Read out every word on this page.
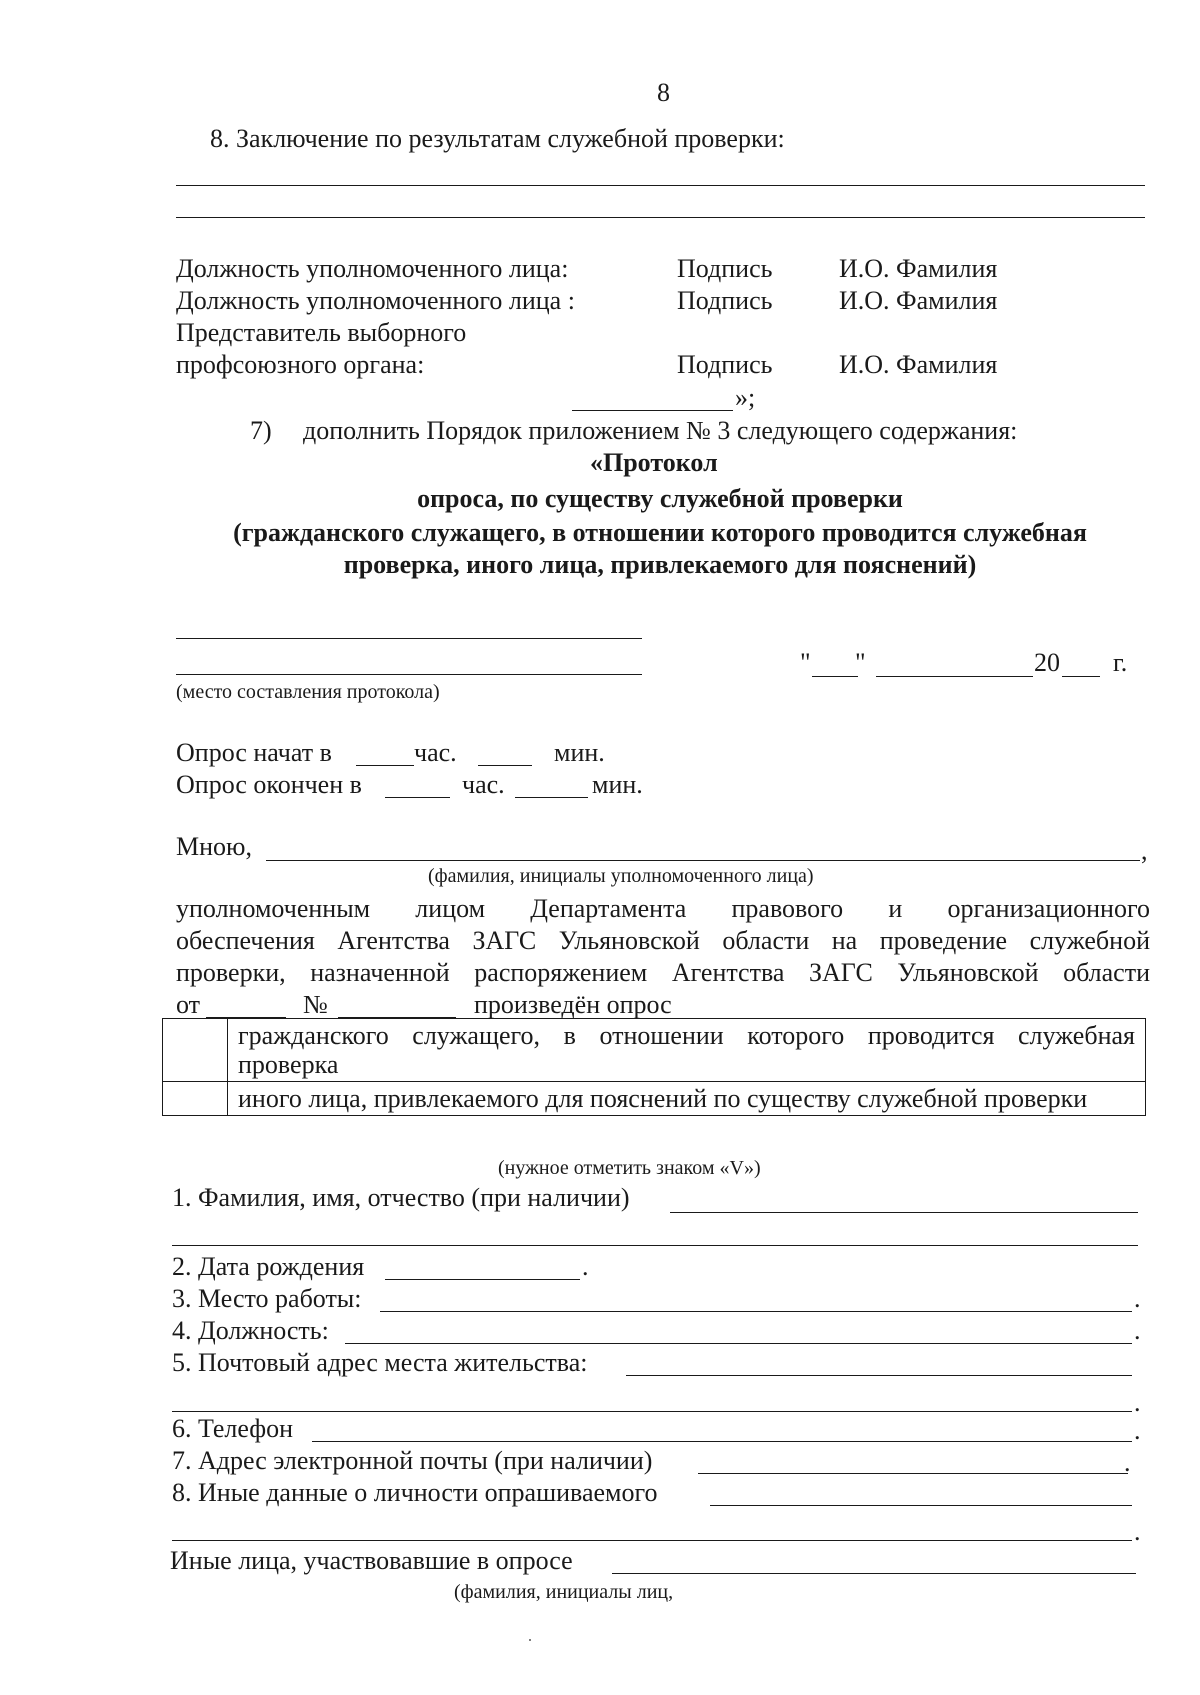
8
8. Заключение по результатам служебной проверки:
Должность уполномоченного лица:	Подпись	И.О. Фамилия
Должность уполномоченного лица :	Подпись	И.О. Фамилия
Представитель выборного
профсоюзного органа:	Подпись	И.О. Фамилия
»;
7) дополнить Порядок приложением № 3 следующего содержания:
«Протокол
опроса, по существу служебной проверки
(гражданского служащего, в отношении которого проводится служебная
проверка, иного лица, привлекаемого для пояснений)
(место составления протокола)
" "	20 г.
Опрос начат в	час.	мин.
Опрос окончен в	час.	мин.
Мною,	,
(фамилия, инициалы уполномоченного лица)
уполномоченным лицом Департамента правового и организационного
обеспечения Агентства ЗАГС Ульяновской области на проведение служебной
проверки, назначенной распоряжением Агентства ЗАГС Ульяновской области
от	№	произведён опрос
	гражданского служащего, в отношении которого проводится служебная проверка
	иного лица, привлекаемого для пояснений по существу служебной проверки
(нужное отметить знаком «V»)
1. Фамилия, имя, отчество (при наличии)
2. Дата рождения	.
3. Место работы:	.
4. Должность:	.
5. Почтовый адрес места жительства:
.
6. Телефон	.
7. Адрес электронной почты (при наличии)	.
8. Иные данные о личности опрашиваемого
.
Иные лица, участвовавшие в опросе
(фамилия, инициалы лиц,
